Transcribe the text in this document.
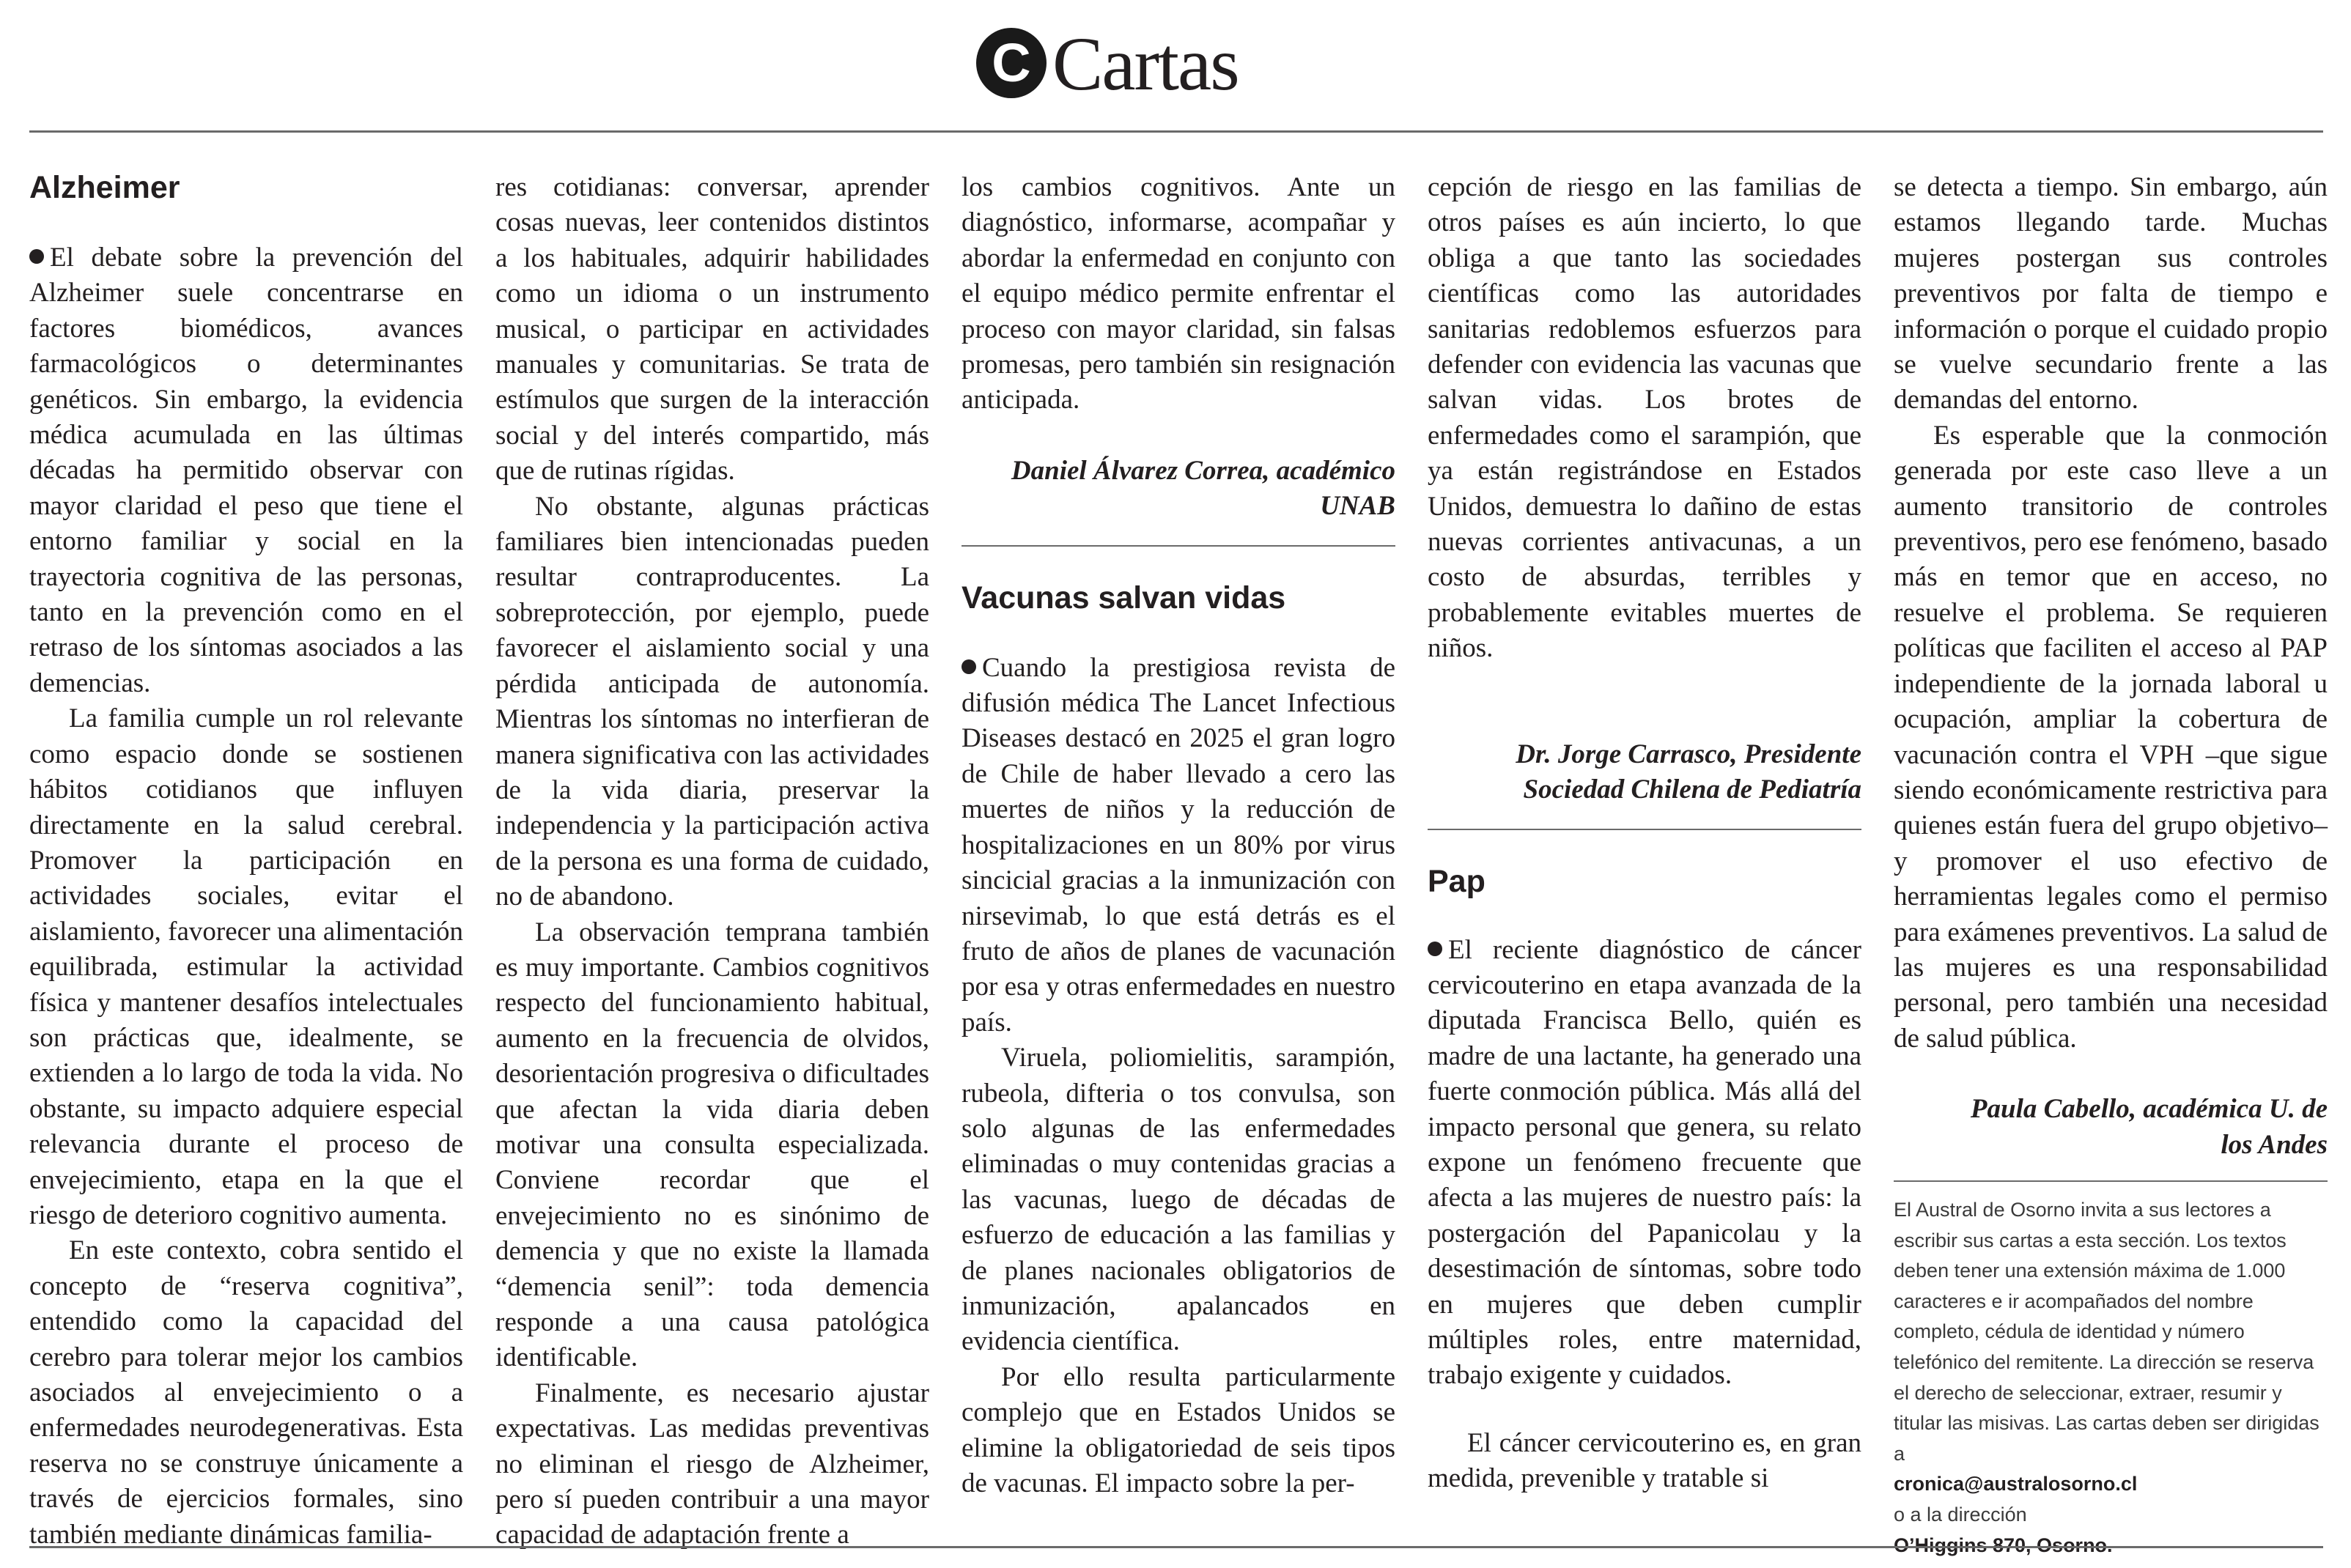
C Cartas
Alzheimer

El debate sobre la prevención del Alzheimer suele concentrarse en factores biomédicos, avances farmacológicos o determinantes genéticos. Sin embargo, la evidencia médica acumulada en las últimas décadas ha permitido observar con mayor claridad el peso que tiene el entorno familiar y social en la trayectoria cognitiva de las personas, tanto en la prevención como en el retraso de los síntomas asociados a las demencias.

La familia cumple un rol relevante como espacio donde se sostienen hábitos cotidianos que influyen directamente en la salud cerebral. Promover la participación en actividades sociales, evitar el aislamiento, favorecer una alimentación equilibrada, estimular la actividad física y mantener desafíos intelectuales son prácticas que, idealmente, se extienden a lo largo de toda la vida. No obstante, su impacto adquiere especial relevancia durante el proceso de envejecimiento, etapa en la que el riesgo de deterioro cognitivo aumenta.

En este contexto, cobra sentido el concepto de “reserva cognitiva”, entendido como la capacidad del cerebro para tolerar mejor los cambios asociados al envejecimiento o a enfermedades neurodegenerativas. Esta reserva no se construye únicamente a través de ejercicios formales, sino también mediante dinámicas familia-

res cotidianas: conversar, aprender cosas nuevas, leer contenidos distintos a los habituales, adquirir habilidades como un idioma o un instrumento musical, o participar en actividades manuales y comunitarias. Se trata de estímulos que surgen de la interacción social y del interés compartido, más que de rutinas rígidas.

No obstante, algunas prácticas familiares bien intencionadas pueden resultar contraproducentes. La sobreprotección, por ejemplo, puede favorecer el aislamiento social y una pérdida anticipada de autonomía. Mientras los síntomas no interfieran de manera significativa con las actividades de la vida diaria, preservar la independencia y la participación activa de la persona es una forma de cuidado, no de abandono.

La observación temprana también es muy importante. Cambios cognitivos respecto del funcionamiento habitual, aumento en la frecuencia de olvidos, desorientación progresiva o dificultades que afectan la vida diaria deben motivar una consulta especializada. Conviene recordar que el envejecimiento no es sinónimo de demencia y que no existe la llamada “demencia senil”: toda demencia responde a una causa patológica identificable.

Finalmente, es necesario ajustar expectativas. Las medidas preventivas no eliminan el riesgo de Alzheimer, pero sí pueden contribuir a una mayor capacidad de adaptación frente a

los cambios cognitivos. Ante un diagnóstico, informarse, acompañar y abordar la enfermedad en conjunto con el equipo médico permite enfrentar el proceso con mayor claridad, sin falsas promesas, pero también sin resignación anticipada.

Daniel Álvarez Correa, académico UNAB

Vacunas salvan vidas

Cuando la prestigiosa revista de difusión médica The Lancet Infectious Diseases destacó en 2025 el gran logro de Chile de haber llevado a cero las muertes de niños y la reducción de hospitalizaciones en un 80% por virus sincicial gracias a la inmunización con nirsevimab, lo que está detrás es el fruto de años de planes de vacunación por esa y otras enfermedades en nuestro país.

Viruela, poliomielitis, sarampión, rubeola, difteria o tos convulsa, son solo algunas de las enfermedades eliminadas o muy contenidas gracias a las vacunas, luego de décadas de esfuerzo de educación a las familias y de planes nacionales obligatorios de inmunización, apalancados en evidencia científica.

Por ello resulta particularmente complejo que en Estados Unidos se elimine la obligatoriedad de seis tipos de vacunas. El impacto sobre la per-

cepción de riesgo en las familias de otros países es aún incierto, lo que obliga a que tanto las sociedades científicas como las autoridades sanitarias redoblemos esfuerzos para defender con evidencia las vacunas que salvan vidas. Los brotes de enfermedades como el sarampión, que ya están registrándose en Estados Unidos, demuestra lo dañino de estas nuevas corrientes antivacunas, a un costo de absurdas, terribles y probablemente evitables muertes de niños.

Dr. Jorge Carrasco, Presidente Sociedad Chilena de Pediatría

Pap

El reciente diagnóstico de cáncer cervicouterino en etapa avanzada de la diputada Francisca Bello, quién es madre de una lactante, ha generado una fuerte conmoción pública. Más allá del impacto personal que genera, su relato expone un fenómeno frecuente que afecta a las mujeres de nuestro país: la postergación del Papanicolau y la desestimación de síntomas, sobre todo en mujeres que deben cumplir múltiples roles, entre maternidad, trabajo exigente y cuidados.

El cáncer cervicouterino es, en gran medida, prevenible y tratable si

se detecta a tiempo. Sin embargo, aún estamos llegando tarde. Muchas mujeres postergan sus controles preventivos por falta de tiempo e información o porque el cuidado propio se vuelve secundario frente a las demandas del entorno.

Es esperable que la conmoción generada por este caso lleve a un aumento transitorio de controles preventivos, pero ese fenómeno, basado más en temor que en acceso, no resuelve el problema. Se requieren políticas que faciliten el acceso al PAP independiente de la jornada laboral u ocupación, ampliar la cobertura de vacunación contra el VPH –que sigue siendo económicamente restrictiva para quienes están fuera del grupo objetivo– y promover el uso efectivo de herramientas legales como el permiso para exámenes preventivos. La salud de las mujeres es una responsabilidad personal, pero también una necesidad de salud pública.

Paula Cabello, académica U. de los Andes

El Austral de Osorno invita a sus lectores a escribir sus cartas a esta sección. Los textos deben tener una extensión máxima de 1.000 caracteres e ir acompañados del nombre completo, cédula de identidad y número telefónico del remitente. La dirección se reserva el derecho de seleccionar, extraer, resumir y titular las misivas. Las cartas deben ser dirigidas a
cronica@australosorno.cl
o a la dirección
O’Higgins 870, Osorno.
